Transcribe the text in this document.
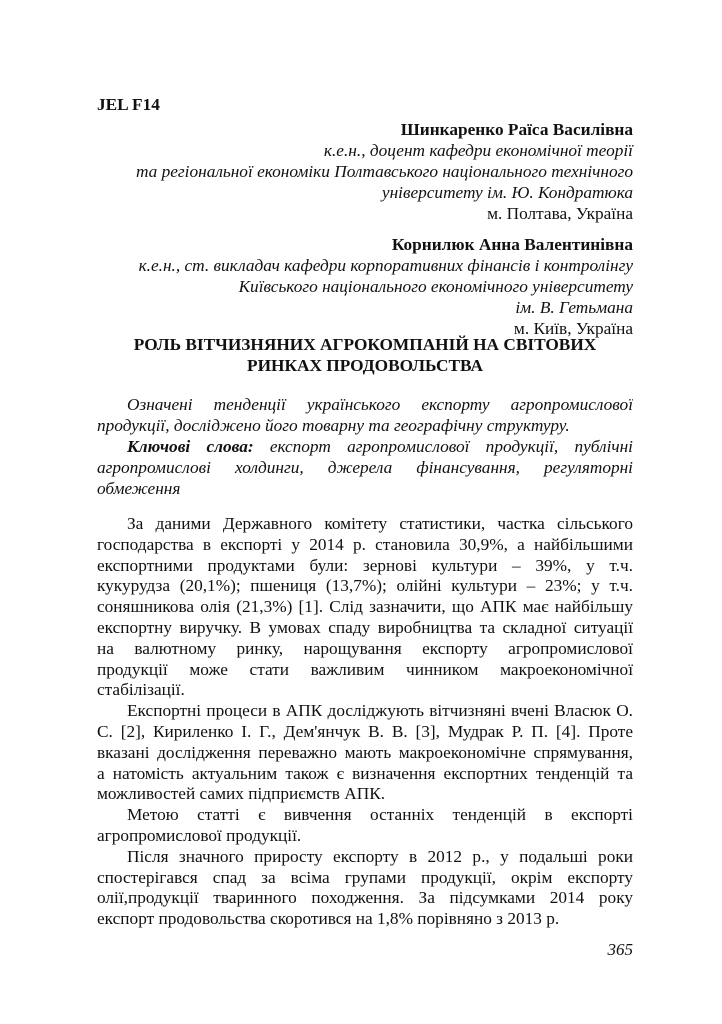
JEL F14
Шинкаренко Раїса Василівна
к.е.н., доцент кафедри економічної теорії
та регіональної економіки Полтавського національного технічного
університету ім. Ю. Кондратюка
м. Полтава, Україна
Корнилюк Анна Валентинівна
к.е.н., ст. викладач кафедри корпоративних фінансів і контролінгу
Київського національного економічного університету
ім. В. Гетьмана
м. Київ, Україна
РОЛЬ ВІТЧИЗНЯНИХ АГРОКОМПАНІЙ НА СВІТОВИХ
РИНКАХ ПРОДОВОЛЬСТВА
Означені тенденції українського експорту агропромислової
продукції, досліджено його товарну та географічну структуру.
Ключові слова: експорт агропромислової продукції, публічні
агропромислові холдинги, джерела фінансування, регуляторні
обмеження
За даними Державного комітету статистики, частка сільського
господарства в експорті у 2014 р. становила 30,9%, а найбільшими
експортними продуктами були: зернові культури – 39%, у т.ч.
кукурудза (20,1%); пшениця (13,7%); олійні культури – 23%; у т.ч.
соняшникова олія (21,3%) [1]. Слід зазначити, що АПК має найбільшу
експортну виручку. В умовах спаду виробництва та складної ситуації
на валютному ринку, нарощування експорту агропромислової
продукції може стати важливим чинником макроекономічної
стабілізації.
Експортні процеси в АПК досліджують вітчизняні вчені Власюк О.
С. [2], Кириленко І. Г., Дем'янчук В. В. [3], Мудрак Р. П. [4]. Проте
вказані дослідження переважно мають макроекономічне спрямування,
а натомість актуальним також є визначення експортних тенденцій та
можливостей самих підприємств АПК.
Метою статті є вивчення останніх тенденцій в експорті
агропромислової продукції.
Після значного приросту експорту в 2012 р., у подальші роки
спостерігався спад за всіма групами продукції, окрім експорту
олії,продукції тваринного походження. За підсумками 2014 року
експорт продовольства скоротився на 1,8% порівняно з 2013 р.
365
